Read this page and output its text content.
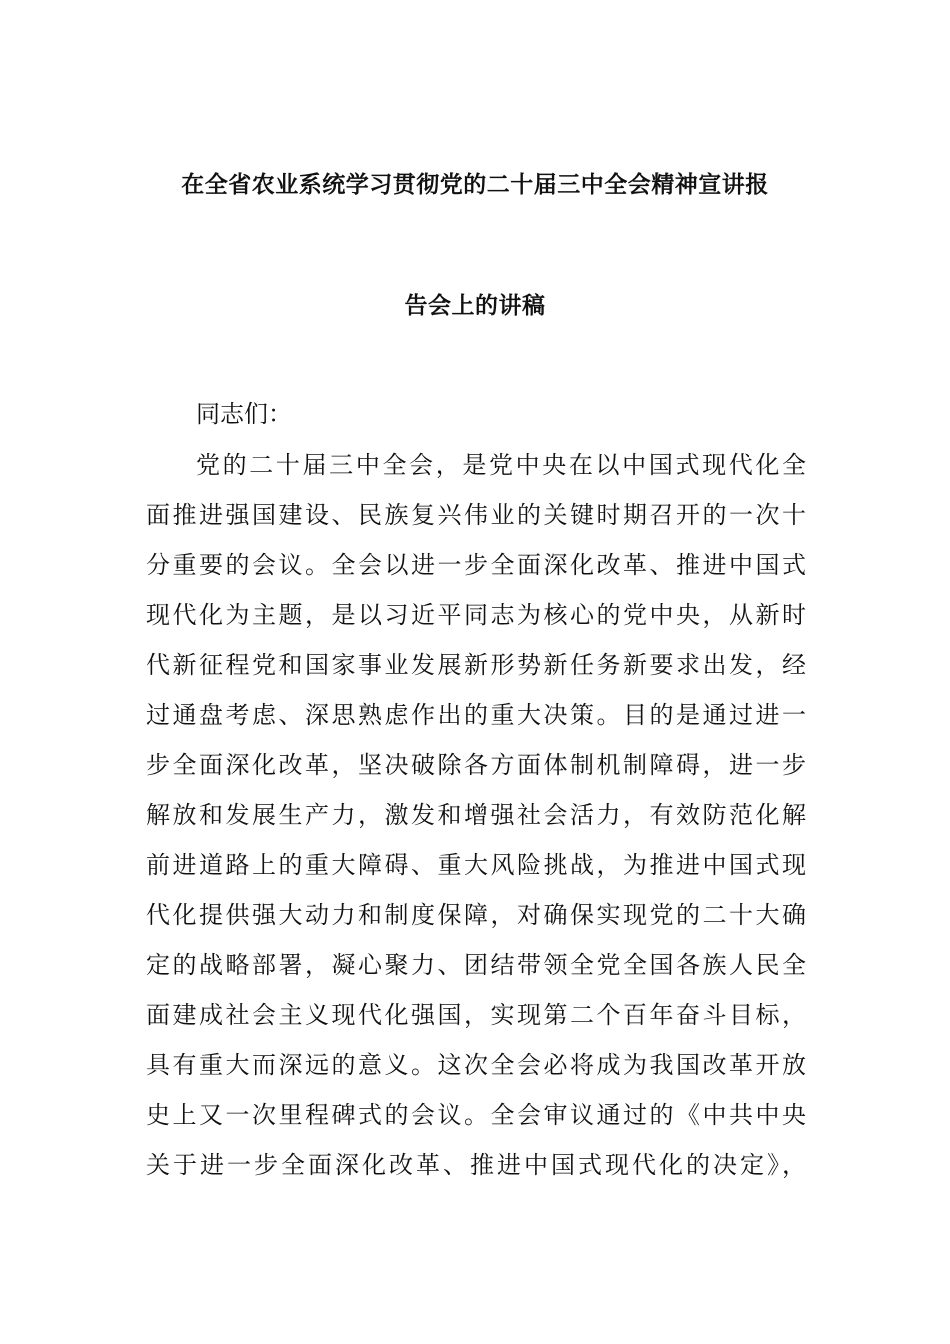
在全省农业系统学习贯彻党的二十届三中全会精神宣讲报
告会上的讲稿
同志们：
党的二十届三中全会，是党中央在以中国式现代化全
面推进强国建设、民族复兴伟业的关键时期召开的一次十
分重要的会议。全会以进一步全面深化改革、推进中国式
现代化为主题，是以习近平同志为核心的党中央，从新时
代新征程党和国家事业发展新形势新任务新要求出发，经
过通盘考虑、深思熟虑作出的重大决策。目的是通过进一
步全面深化改革，坚决破除各方面体制机制障碍，进一步
解放和发展生产力，激发和增强社会活力，有效防范化解
前进道路上的重大障碍、重大风险挑战，为推进中国式现
代化提供强大动力和制度保障，对确保实现党的二十大确
定的战略部署，凝心聚力、团结带领全党全国各族人民全
面建成社会主义现代化强国，实现第二个百年奋斗目标，
具有重大而深远的意义。这次全会必将成为我国改革开放
史上又一次里程碑式的会议。全会审议通过的《中共中央
关于进一步全面深化改革、推进中国式现代化的决定》，
